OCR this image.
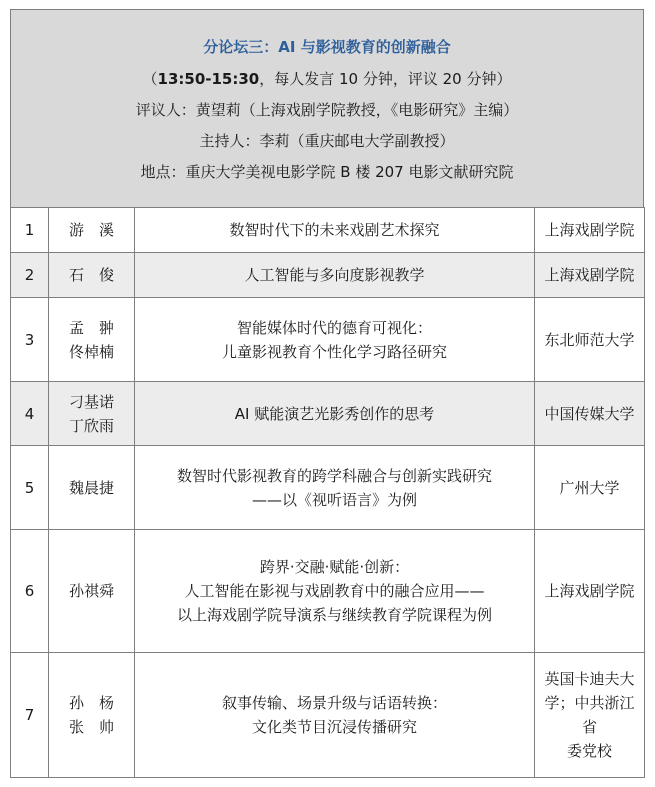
分论坛三：AI 与影视教育的创新融合
（13:50-15:30，每人发言 10 分钟，评议 20 分钟）
评议人：黄望莉（上海戏剧学院教授，《电影研究》主编）
主持人：李莉（重庆邮电大学副教授）
地点：重庆大学美视电影学院 B 楼 207 电影文献研究院
1	游　溪	数智时代下的未来戏剧艺术探究	上海戏剧学院

2	石　俊	人工智能与多向度影视教学	上海戏剧学院

3	孟　翀
佟棹楠	智能媒体时代的德育可视化：
儿童影视教育个性化学习路径研究	东北师范大学

4	刁基诺
丁欣雨	AI 赋能演艺光影秀创作的思考	中国传媒大学

5	魏晨捷	数智时代影视教育的跨学科融合与创新实践研究
——以《视听语言》为例	广州大学

6	孙祺舜	跨界·交融·赋能·创新：
人工智能在影视与戏剧教育中的融合应用——
以上海戏剧学院导演系与继续教育学院课程为例	上海戏剧学院

7	孙　杨
张　帅	叙事传输、场景升级与话语转换：
文化类节目沉浸传播研究	英国卡迪夫大
学；中共浙江省
委党校
